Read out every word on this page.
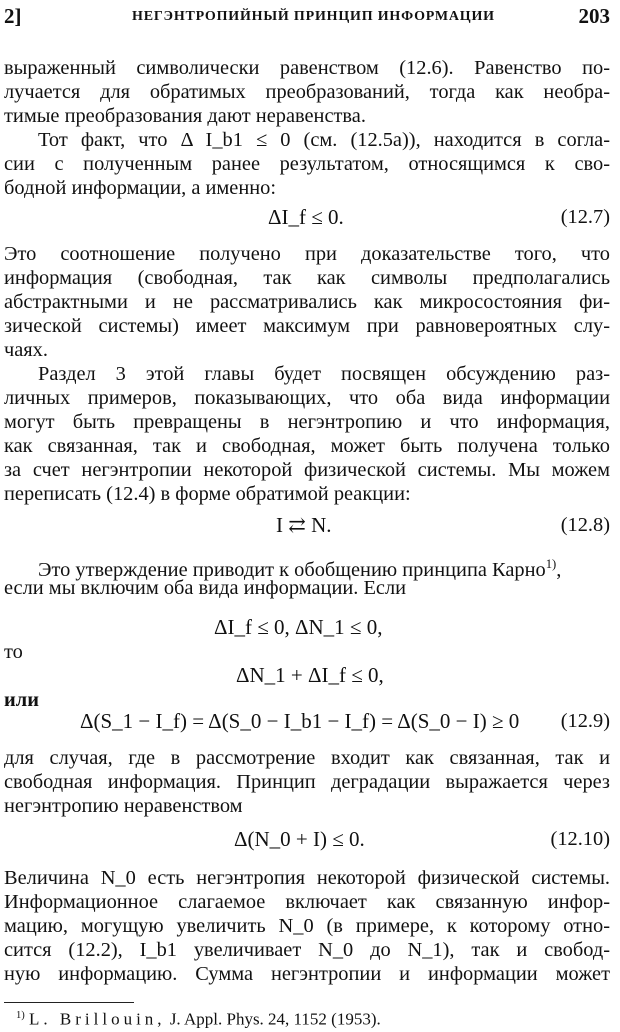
2]	НЕГЭНТРОПИЙНЫЙ ПРИНЦИП ИНФОРМАЦИИ	203
выраженный символически равенством (12.6). Равенство по-
лучается для обратимых преобразований, тогда как необра-
тимые преобразования дают неравенства.
Тот факт, что Δ I_b1 ≤ 0 (см. (12.5а)), находится в согла-
сии с полученным ранее результатом, относящимся к сво-
бодной информации, а именно:
ΔI_f ≤ 0.	(12.7)
Это соотношение получено при доказательстве того, что
информация (свободная, так как символы предполагались
абстрактными и не рассматривались как микросостояния фи-
зической системы) имеет максимум при равновероятных слу-
чаях.
Раздел 3 этой главы будет посвящен обсуждению раз-
личных примеров, показывающих, что оба вида информации
могут быть превращены в негэнтропию и что информация,
как связанная, так и свободная, может быть получена только
за счет негэнтропии некоторой физической системы. Мы можем
переписать (12.4) в форме обратимой реакции:
I ⇄ N.	(12.8)
Это утверждение приводит к обобщению принципа Карно$^{1)}$,
если мы включим оба вида информации. Если
ΔI_f ≤ 0, ΔN_1 ≤ 0,
то
ΔN_1 + ΔI_f ≤ 0,
или
Δ(S_1 − I_f) = Δ(S_0 − I_b1 − I_f) = Δ(S_0 − I) ≥ 0 (12.9)
для случая, где в рассмотрение входит как связанная, так и
свободная информация. Принцип деградации выражается через
негэнтропию неравенством
Δ(N_0 + I) ≤ 0.	(12.10)
Величина N_0 есть негэнтропия некоторой физической системы.
Информационное слагаемое включает как связанную инфор-
мацию, могущую увеличить N_0 (в примере, к которому отно-
сится (12.2), I_b1 увеличивает N_0 до N_1), так и свобод-
ную информацию. Сумма негэнтропии и информации может
$^{1)}$ L. Brillouin, J. Appl. Phys. 24, 1152 (1953).
